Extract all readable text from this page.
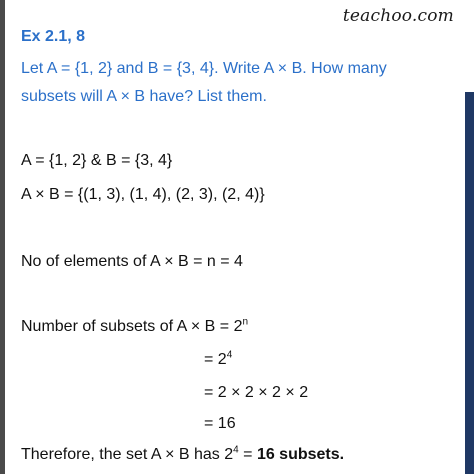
teachoo.com
Ex 2.1, 8
Let A = {1, 2} and B = {3, 4}. Write A × B. How many subsets will A × B have? List them.
A = {1, 2} & B = {3, 4}
A × B = {(1, 3), (1, 4), (2, 3), (2, 4)}
No of elements of A × B = n = 4
Number of subsets of $A \times B = 2^n$
= $2^4$
= 2 × 2 × 2 × 2
= 16
Therefore, the set A × B has $2^4 = 16$ subsets.
